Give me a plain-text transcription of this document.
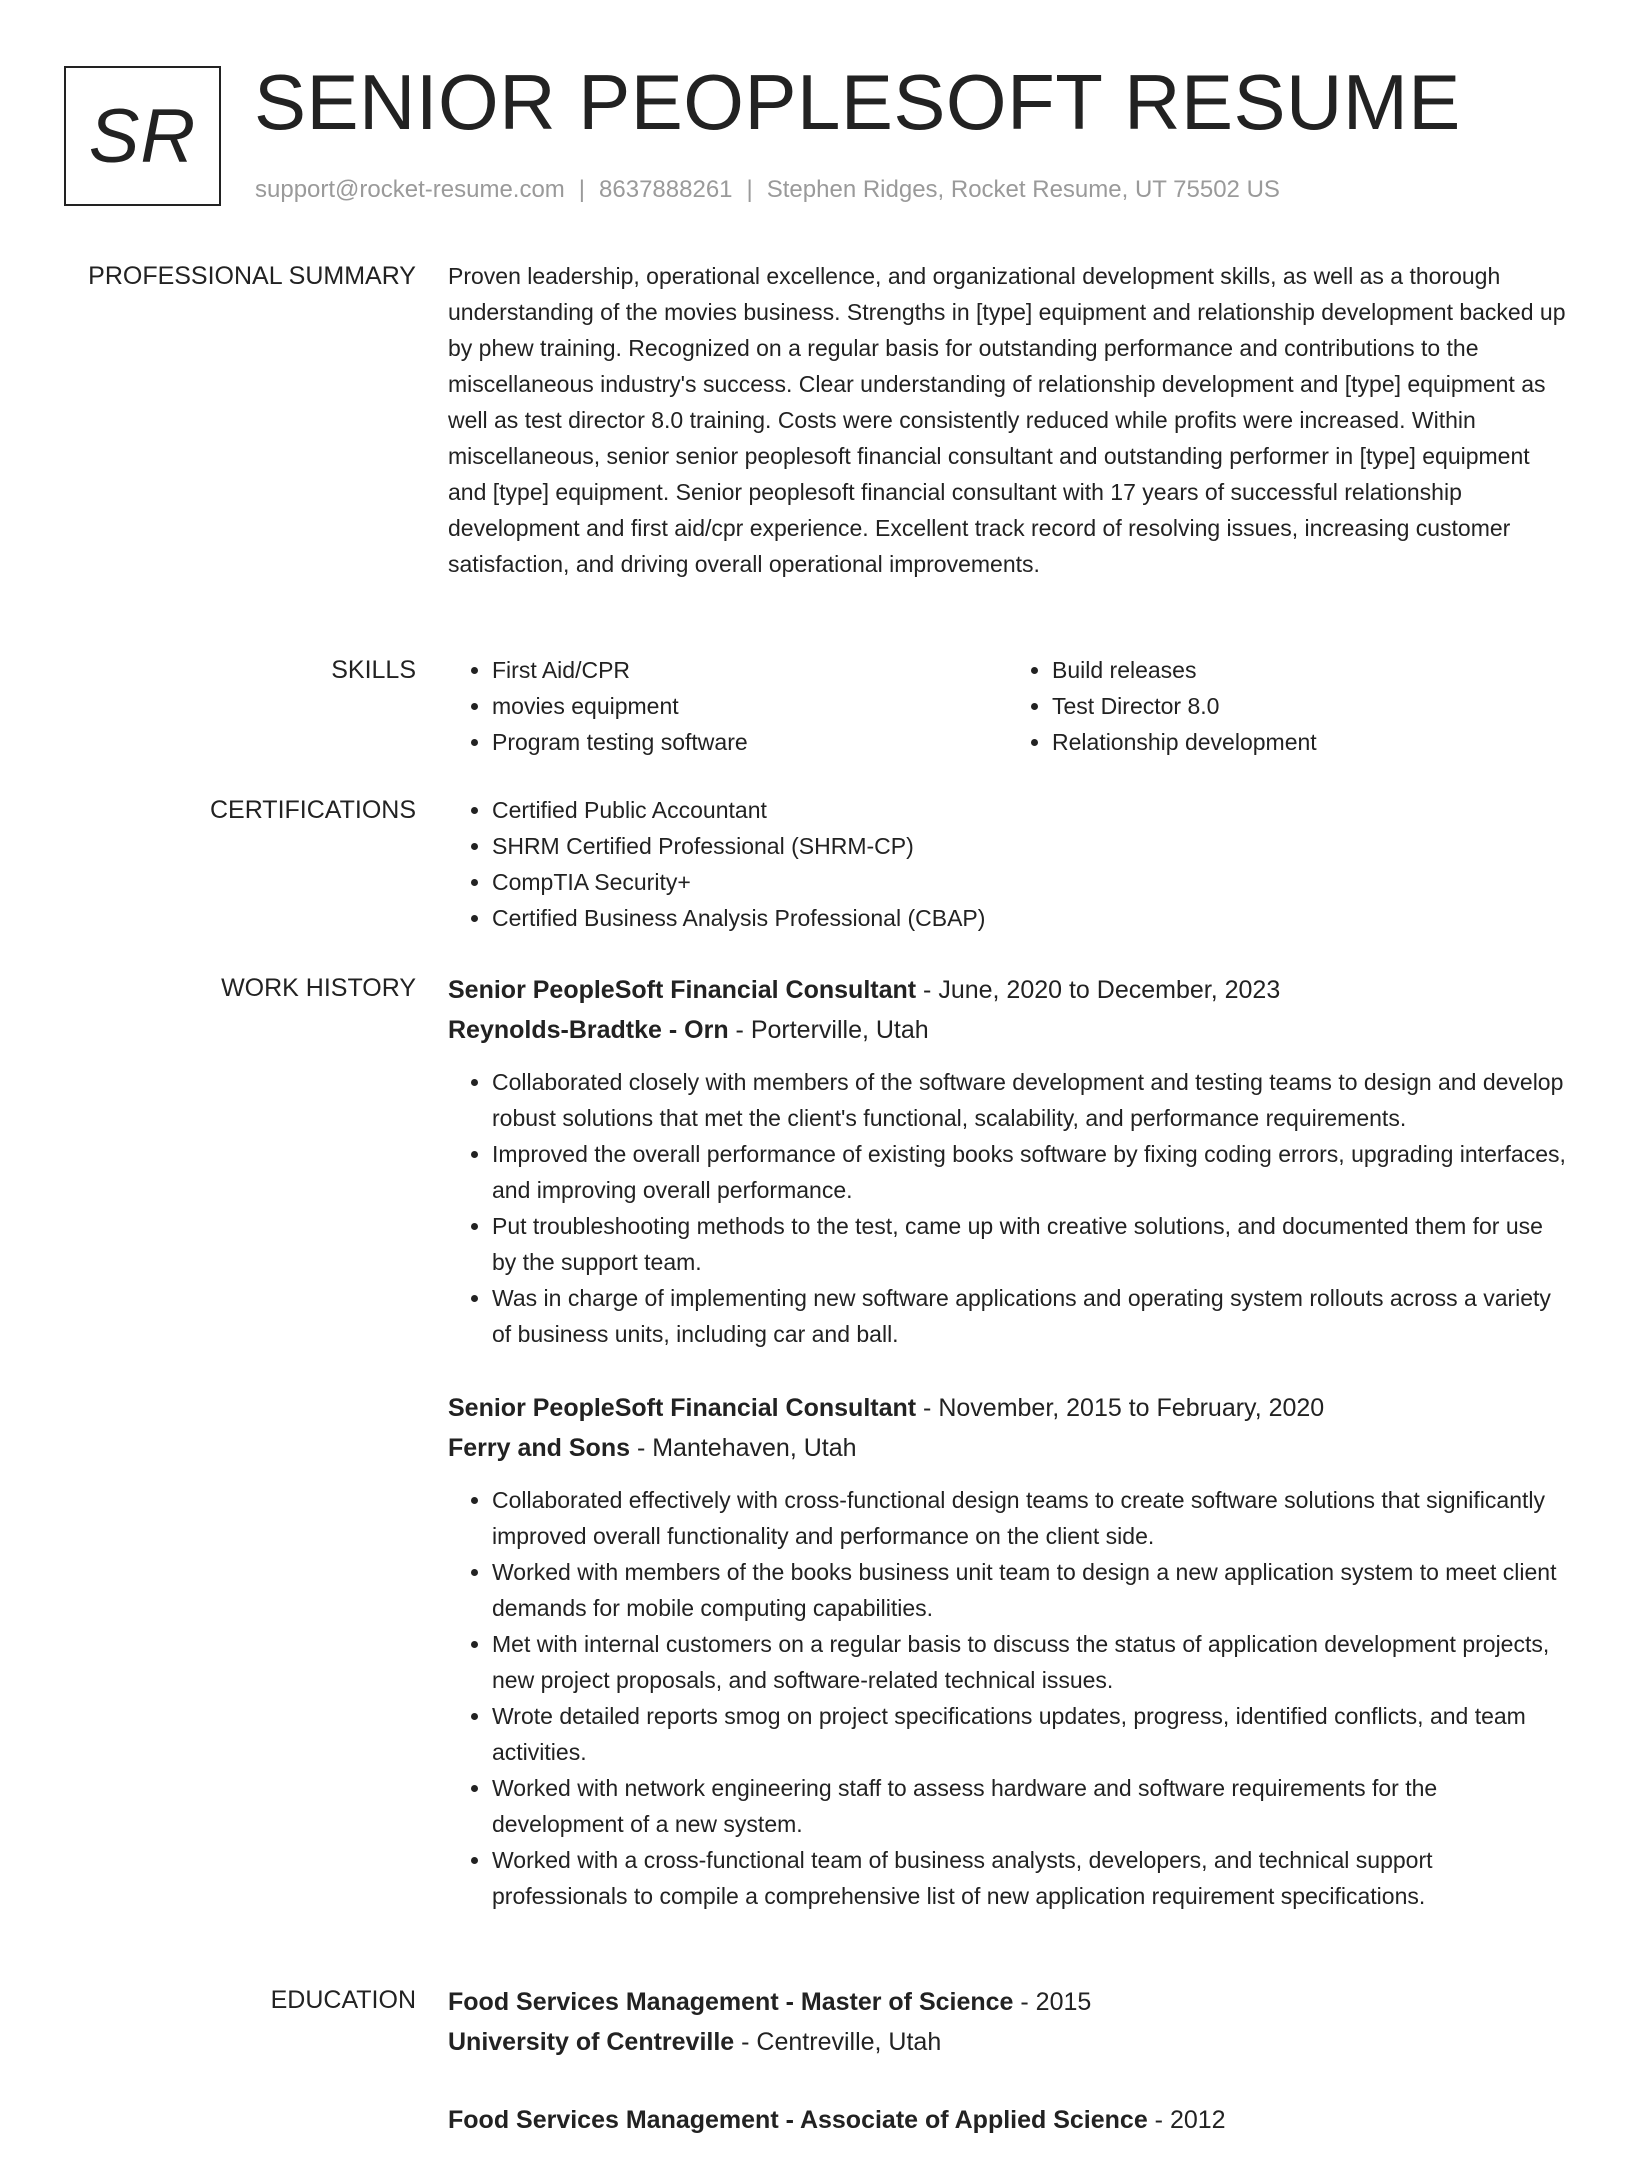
SR SENIOR PEOPLESOFT RESUME
support@rocket-resume.com | 8637888261 | Stephen Ridges, Rocket Resume, UT 75502 US
PROFESSIONAL SUMMARY Proven leadership, operational excellence, and organizational development skills, as well as a thorough understanding of the movies business. Strengths in [type] equipment and relationship development backed up by phew training. Recognized on a regular basis for outstanding performance and contributions to the miscellaneous industry's success. Clear understanding of relationship development and [type] equipment as well as test director 8.0 training. Costs were consistently reduced while profits were increased. Within miscellaneous, senior senior peoplesoft financial consultant and outstanding performer in [type] equipment and [type] equipment. Senior peoplesoft financial consultant with 17 years of successful relationship development and first aid/cpr experience. Excellent track record of resolving issues, increasing customer satisfaction, and driving overall operational improvements.

SKILLS	• First Aid/CPR
• movies equipment
• Program testing software
• Build releases
• Test Director 8.0
• Relationship development
CERTIFICATIONS	• Certified Public Accountant
• SHRM Certified Professional (SHRM-CP)
• CompTIA Security+
• Certified Business Analysis Professional (CBAP)
WORK HISTORY Senior PeopleSoft Financial Consultant - June, 2020 to December, 2023
Reynolds-Bradtke - Orn - Porterville, Utah
• Collaborated closely with members of the software development and testing teams to design and develop robust solutions that met the client's functional, scalability, and performance requirements.
• Improved the overall performance of existing books software by fixing coding errors, upgrading interfaces, and improving overall performance.
• Put troubleshooting methods to the test, came up with creative solutions, and documented them for use by the support team.
• Was in charge of implementing new software applications and operating system rollouts across a variety of business units, including car and ball.
Senior PeopleSoft Financial Consultant - November, 2015 to February, 2020
Ferry and Sons - Mantehaven, Utah
• Collaborated effectively with cross-functional design teams to create software solutions that significantly improved overall functionality and performance on the client side.
• Worked with members of the books business unit team to design a new application system to meet client demands for mobile computing capabilities.
• Met with internal customers on a regular basis to discuss the status of application development projects, new project proposals, and software-related technical issues.
• Wrote detailed reports smog on project specifications updates, progress, identified conflicts, and team activities.
• Worked with network engineering staff to assess hardware and software requirements for the development of a new system.
• Worked with a cross-functional team of business analysts, developers, and technical support professionals to compile a comprehensive list of new application requirement specifications.
EDUCATION Food Services Management - Master of Science - 2015
University of Centreville - Centreville, Utah
Food Services Management - Associate of Applied Science - 2012
